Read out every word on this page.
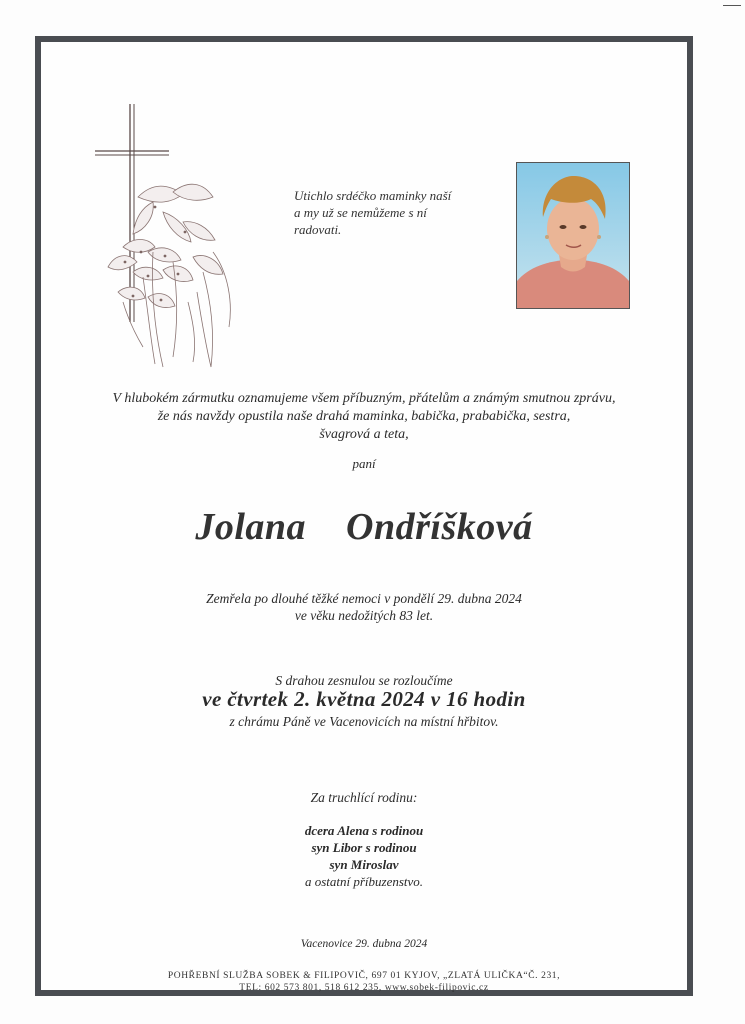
Utichlo srdéčko maminky naší
a my už se nemůžeme s ní
radovati.
V hlubokém zármutku oznamujeme všem příbuzným, přátelům a známým smutnou zprávu,
že nás navždy opustila naše drahá maminka, babička, prababička, sestra,
švagrová a teta,
paní
Jolana  Ondříšková
Zemřela po dlouhé těžké nemoci v pondělí 29. dubna 2024
ve věku nedožitých 83 let.
S drahou zesnulou se rozloučíme
ve čtvrtek 2. května 2024 v 16 hodin
z chrámu Páně ve Vacenovicích na místní hřbitov.
Za truchlící rodinu:
dcera Alena s rodinou
syn Libor s rodinou
syn Miroslav
a ostatní příbuzenstvo.
Vacenovice 29. dubna 2024
POHŘEBNÍ SLUŽBA SOBEK & FILIPOVIČ, 697 01 KYJOV, „ZLATÁ ULIČKA“Č. 231,
TEL: 602 573 801, 518 612 235, www.sobek-filipovic.cz
